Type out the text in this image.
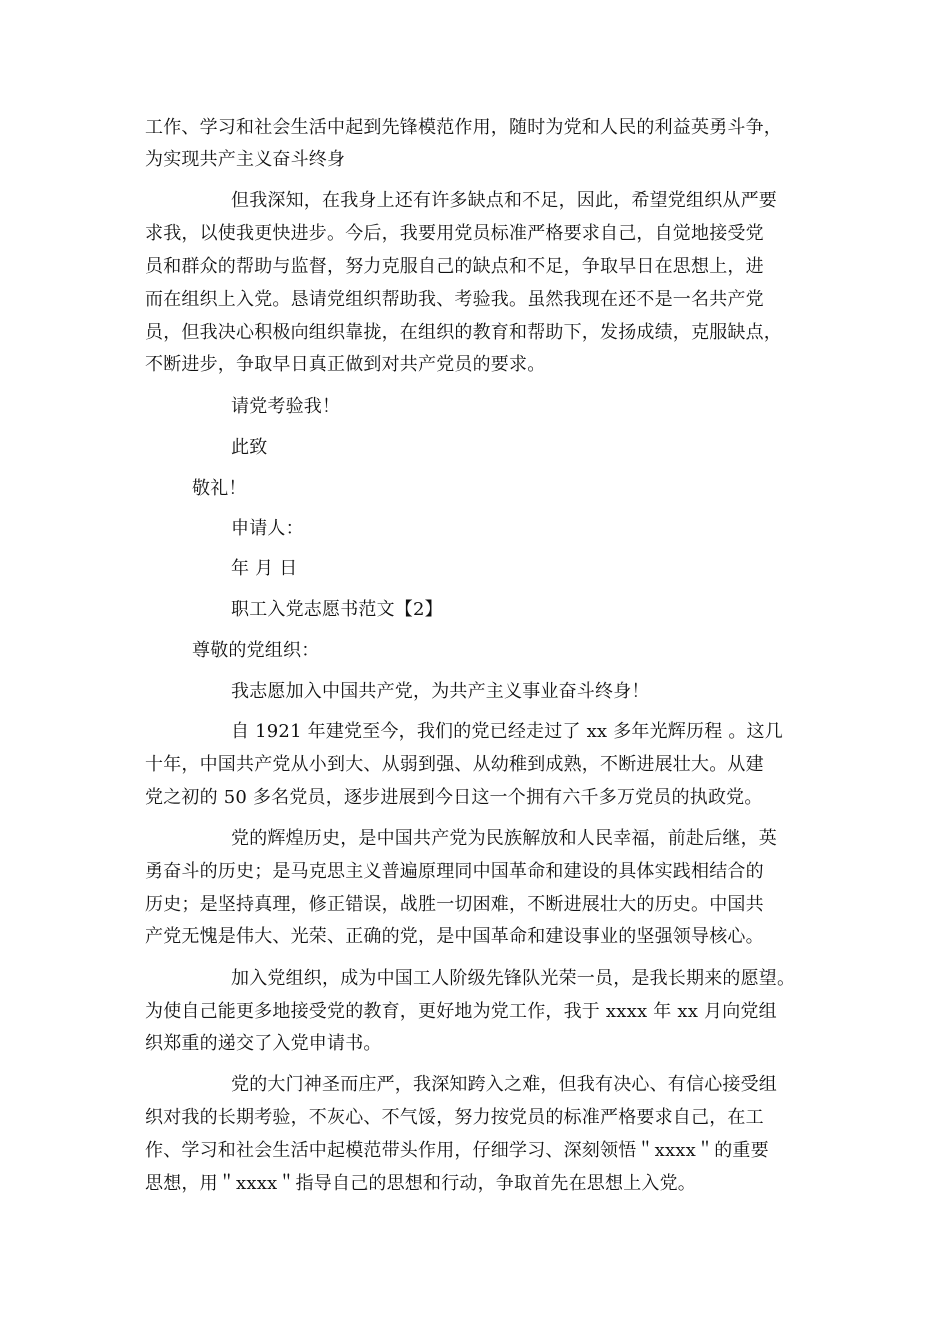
工作、学习和社会生活中起到先锋模范作用，随时为党和人民的利益英勇斗争，
为实现共产主义奋斗终身
但我深知，在我身上还有许多缺点和不足，因此，希望党组织从严要
求我，以使我更快进步。今后，我要用党员标准严格要求自己，自觉地接受党
员和群众的帮助与监督，努力克服自己的缺点和不足，争取早日在思想上，进
而在组织上入党。恳请党组织帮助我、考验我。虽然我现在还不是一名共产党
员，但我决心积极向组织靠拢，在组织的教育和帮助下，发扬成绩，克服缺点，
不断进步，争取早日真正做到对共产党员的要求。
请党考验我！
此致
敬礼！
申请人：
年 月 日
职工入党志愿书范文【2】
尊敬的党组织：
我志愿加入中国共产党，为共产主义事业奋斗终身！
自 1921 年建党至今，我们的党已经走过了 xx 多年光辉历程 。这几
十年，中国共产党从小到大、从弱到强、从幼稚到成熟，不断进展壮大。从建
党之初的 50 多名党员，逐步进展到今日这一个拥有六千多万党员的执政党。
党的辉煌历史，是中国共产党为民族解放和人民幸福，前赴后继，英
勇奋斗的历史；是马克思主义普遍原理同中国革命和建设的具体实践相结合的
历史；是坚持真理，修正错误，战胜一切困难，不断进展壮大的历史。中国共
产党无愧是伟大、光荣、正确的党，是中国革命和建设事业的坚强领导核心。
加入党组织，成为中国工人阶级先锋队光荣一员，是我长期来的愿望。
为使自己能更多地接受党的教育，更好地为党工作，我于 xxxx 年 xx 月向党组
织郑重的递交了入党申请书。
党的大门神圣而庄严，我深知跨入之难，但我有决心、有信心接受组
织对我的长期考验，不灰心、不气馁，努力按党员的标准严格要求自己，在工
作、学习和社会生活中起模范带头作用，仔细学习、深刻领悟＂xxxx＂的重要
思想，用＂xxxx＂指导自己的思想和行动，争取首先在思想上入党。
